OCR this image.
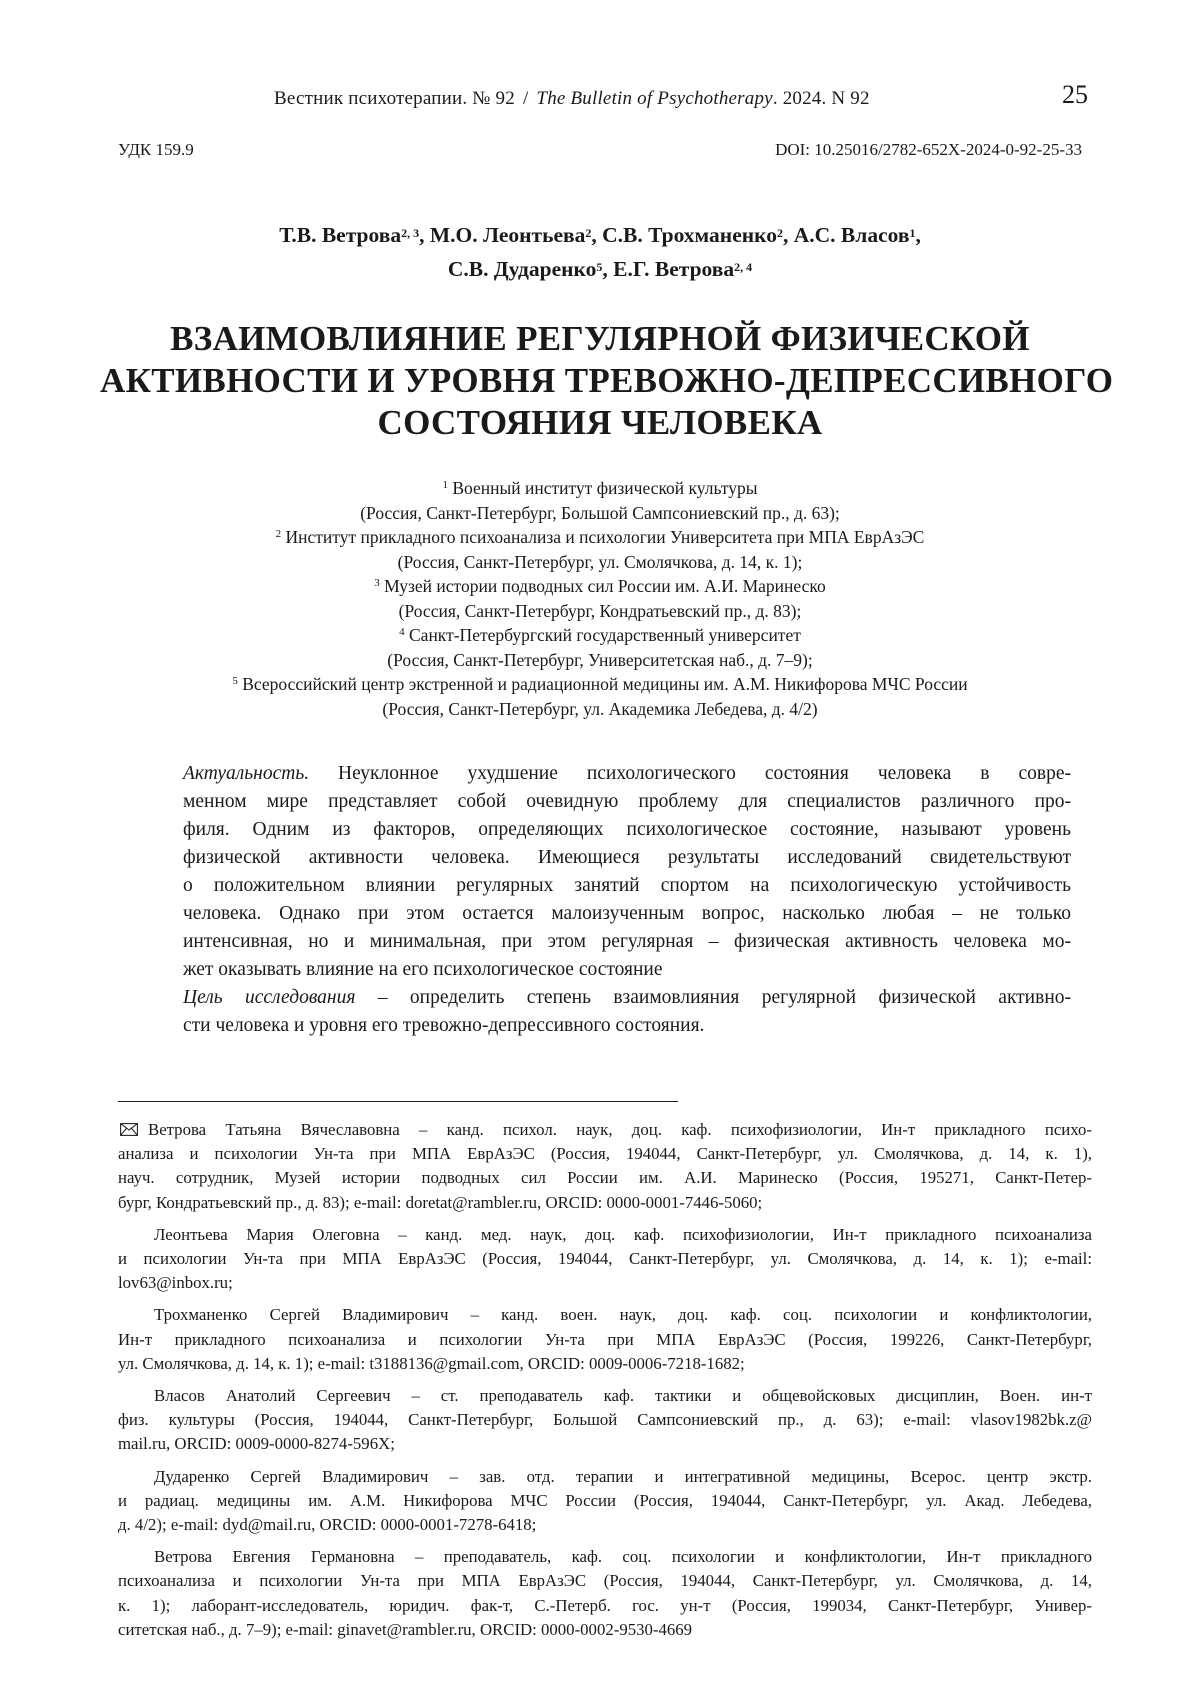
Вестник психотерапии. № 92 / The Bulletin of Psychotherapy. 2024. N 92	25
УДК 159.9	DOI: 10.25016/2782-652X-2024-0-92-25-33
Т.В. Ветрова$^{2, 3}$, М.О. Леонтьева$^2$, С.В. Трохманенко$^2$, А.С. Власов$^1$,
С.В. Дударенко$^5$, Е.Г. Ветрова$^{2, 4}$
ВЗАИМОВЛИЯНИЕ РЕГУЛЯРНОЙ ФИЗИЧЕСКОЙ
АКТИВНОСТИ И УРОВНЯ ТРЕВОЖНО-ДЕПРЕССИВНОГО
СОСТОЯНИЯ ЧЕЛОВЕКА
$^1$ Военный институт физической культуры
(Россия, Санкт-Петербург, Большой Сампсониевский пр., д. 63);
$^2$ Институт прикладного психоанализа и психологии Университета при МПА ЕврАзЭС
(Россия, Санкт-Петербург, ул. Смолячкова, д. 14, к. 1);
$^3$ Музей истории подводных сил России им. А.И. Маринеско
(Россия, Санкт-Петербург, Кондратьевский пр., д. 83);
$^4$ Санкт-Петербургский государственный университет
(Россия, Санкт-Петербург, Университетская наб., д. 7–9);
$^5$ Всероссийский центр экстренной и радиационной медицины им. А.М. Никифорова МЧС России
(Россия, Санкт-Петербург, ул. Академика Лебедева, д. 4/2)
Актуальность. Неуклонное ухудшение психологического состояния человека в совре-
менном мире представляет собой очевидную проблему для специалистов различного про-
филя. Одним из факторов, определяющих психологическое состояние, называют уровень
физической активности человека. Имеющиеся результаты исследований свидетельствуют
о положительном влиянии регулярных занятий спортом на психологическую устойчивость
человека. Однако при этом остается малоизученным вопрос, насколько любая – не только
интенсивная, но и минимальная, при этом регулярная – физическая активность человека мо-
жет оказывать влияние на его психологическое состояние
Цель исследования – определить степень взаимовлияния регулярной физической активно-
сти человека и уровня его тревожно-депрессивного состояния.
Ветрова Татьяна Вячеславовна – канд. психол. наук, доц. каф. психофизиологии, Ин-т прикладного психо-
анализа и психологии Ун-та при МПА ЕврАзЭС (Россия, 194044, Санкт-Петербург, ул. Смолячкова, д. 14, к. 1),
науч. сотрудник, Музей истории подводных сил России им. А.И. Маринеско (Россия, 195271, Санкт-Петер-
бург, Кондратьевский пр., д. 83); e-mail: doretat@rambler.ru, ORCID: 0000-0001-7446-5060;
Леонтьева Мария Олеговна – канд. мед. наук, доц. каф. психофизиологии, Ин-т прикладного психоанализа
и психологии Ун-та при МПА ЕврАзЭС (Россия, 194044, Санкт-Петербург, ул. Смолячкова, д. 14, к. 1); e-mail:
lov63@inbox.ru;
Трохманенко Сергей Владимирович – канд. воен. наук, доц. каф. соц. психологии и конфликтологии,
Ин-т прикладного психоанализа и психологии Ун-та при МПА ЕврАзЭС (Россия, 199226, Санкт-Петербург,
ул. Смолячкова, д. 14, к. 1); e-mail: t3188136@gmail.com, ORCID: 0009-0006-7218-1682;
Власов Анатолий Сергеевич – ст. преподаватель каф. тактики и общевойсковых дисциплин, Воен. ин-т
физ. культуры (Россия, 194044, Санкт-Петербург, Большой Сампсониевский пр., д. 63); e-mail: vlasov1982bk.z@
mail.ru, ORCID: 0009-0000-8274-596X;
Дударенко Сергей Владимирович – зав. отд. терапии и интегративной медицины, Всерос. центр экстр.
и радиац. медицины им. А.М. Никифорова МЧС России (Россия, 194044, Санкт-Петербург, ул. Акад. Лебедева,
д. 4/2); e-mail: dyd@mail.ru, ORCID: 0000-0001-7278-6418;
Ветрова Евгения Германовна – преподаватель, каф. соц. психологии и конфликтологии, Ин-т прикладного
психоанализа и психологии Ун-та при МПА ЕврАзЭС (Россия, 194044, Санкт-Петербург, ул. Смолячкова, д. 14,
к. 1); лаборант-исследователь, юридич. фак-т, С.-Петерб. гос. ун-т (Россия, 199034, Санкт-Петербург, Универ-
ситетская наб., д. 7–9); e-mail: ginavet@rambler.ru, ORCID: 0000-0002-9530-4669
